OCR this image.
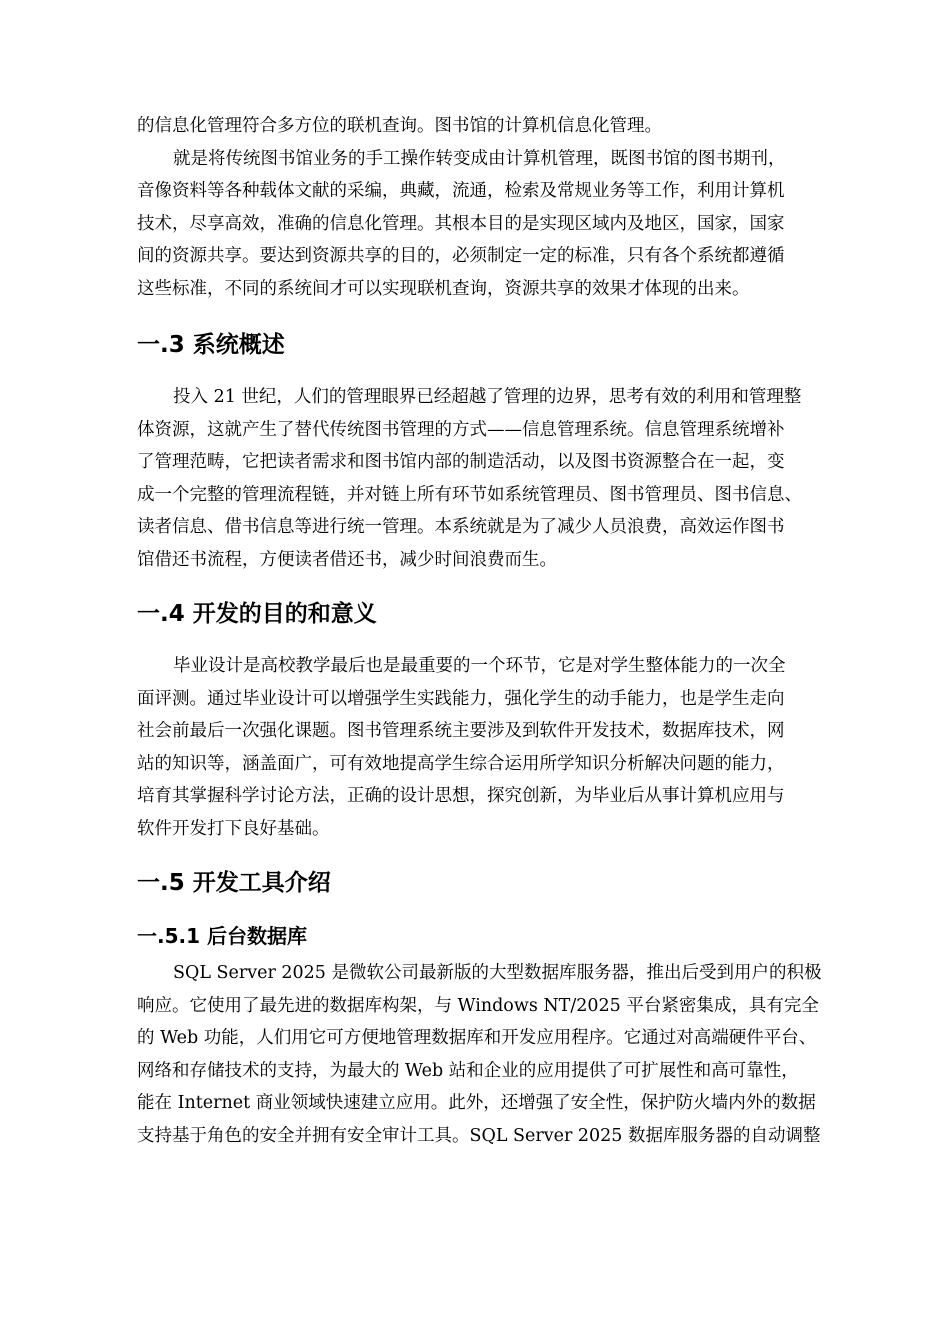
的信息化管理符合多方位的联机查询。图书馆的计算机信息化管理。
就是将传统图书馆业务的手工操作转变成由计算机管理，既图书馆的图书期刊，
音像资料等各种载体文献的采编，典藏，流通，检索及常规业务等工作，利用计算机
技术，尽享高效，准确的信息化管理。其根本目的是实现区域内及地区，国家，国家
间的资源共享。要达到资源共享的目的，必须制定一定的标准，只有各个系统都遵循
这些标准，不同的系统间才可以实现联机查询，资源共享的效果才体现的出来。
一.3 系统概述
投入 21 世纪，人们的管理眼界已经超越了管理的边界，思考有效的利用和管理整
体资源，这就产生了替代传统图书管理的方式——信息管理系统。信息管理系统增补
了管理范畴，它把读者需求和图书馆内部的制造活动，以及图书资源整合在一起，变
成一个完整的管理流程链，并对链上所有环节如系统管理员、图书管理员、图书信息、
读者信息、借书信息等进行统一管理。本系统就是为了减少人员浪费，高效运作图书
馆借还书流程，方便读者借还书，减少时间浪费而生。
一.4 开发的目的和意义
毕业设计是高校教学最后也是最重要的一个环节，它是对学生整体能力的一次全
面评测。通过毕业设计可以增强学生实践能力，强化学生的动手能力，也是学生走向
社会前最后一次强化课题。图书管理系统主要涉及到软件开发技术，数据库技术，网
站的知识等，涵盖面广，可有效地提高学生综合运用所学知识分析解决问题的能力，
培育其掌握科学讨论方法，正确的设计思想，探究创新，为毕业后从事计算机应用与
软件开发打下良好基础。
一.5 开发工具介绍
一.5.1 后台数据库
SQL Server 2025 是微软公司最新版的大型数据库服务器，推出后受到用户的积极
响应。它使用了最先进的数据库构架，与 Windows NT/2025 平台紧密集成，具有完全
的 Web 功能，人们用它可方便地管理数据库和开发应用程序。它通过对高端硬件平台、
网络和存储技术的支持，为最大的 Web 站和企业的应用提供了可扩展性和高可靠性，
能在 Internet 商业领域快速建立应用。此外，还增强了安全性，保护防火墙内外的数据
支持基于角色的安全并拥有安全审计工具。SQL Server 2025 数据库服务器的自动调整
